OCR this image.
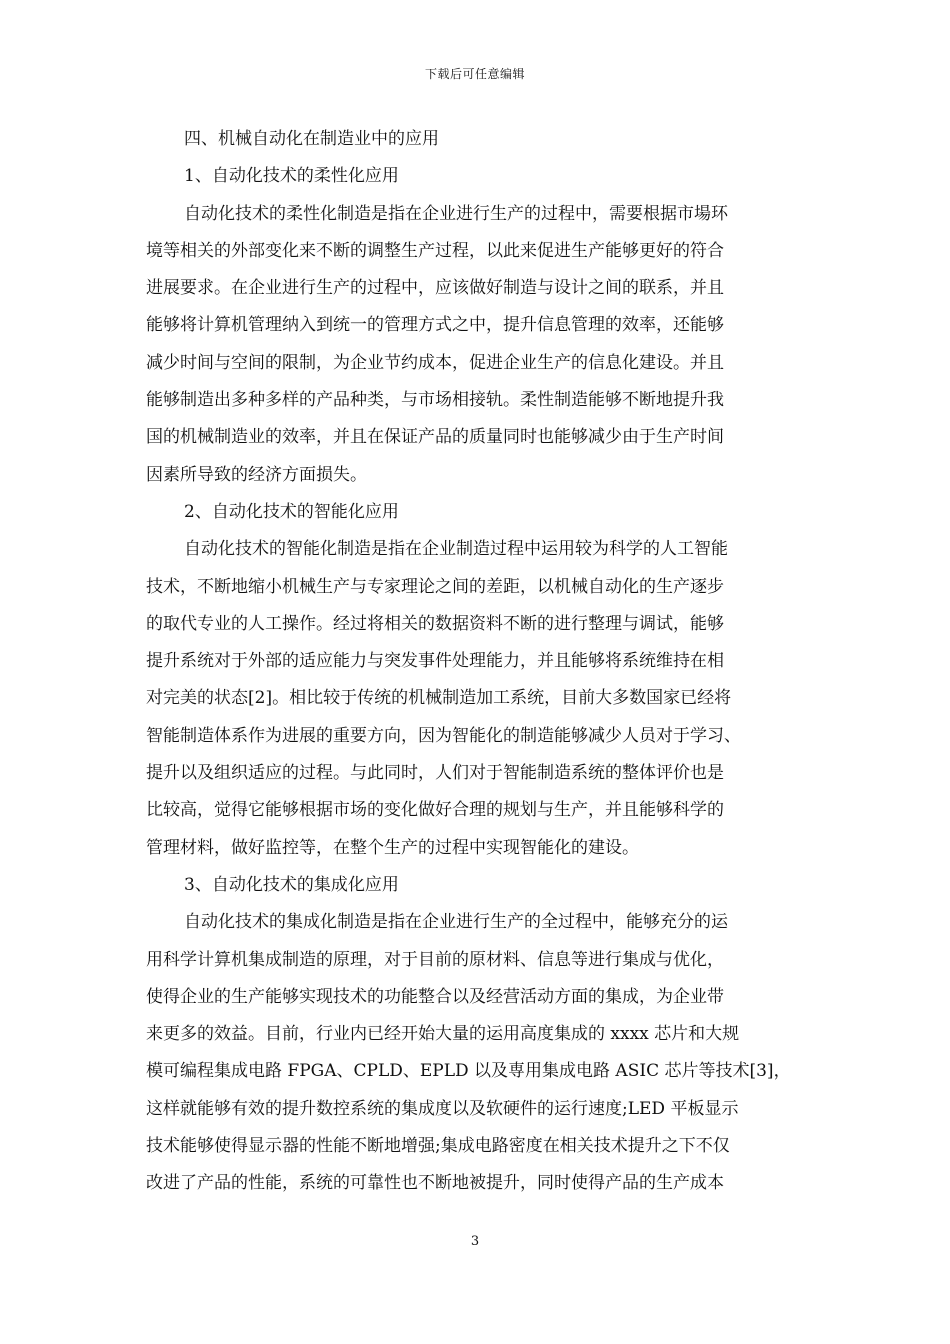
下载后可任意编辑
四、机械自动化在制造业中的应用
1、自动化技术的柔性化应用
自动化技术的柔性化制造是指在企业进行生产的过程中，需要根据市場环
境等相关的外部变化来不断的调整生产过程，以此来促进生产能够更好的符合
进展要求。在企业进行生产的过程中，应该做好制造与设计之间的联系，并且
能够将计算机管理纳入到统一的管理方式之中，提升信息管理的效率，还能够
减少时间与空间的限制，为企业节约成本，促进企业生产的信息化建设。并且
能够制造出多种多样的产品种类，与市场相接轨。柔性制造能够不断地提升我
国的机械制造业的效率，并且在保证产品的质量同时也能够减少由于生产时间
因素所导致的经济方面损失。
2、自动化技术的智能化应用
自动化技术的智能化制造是指在企业制造过程中运用较为科学的人工智能
技术，不断地缩小机械生产与专家理论之间的差距，以机械自动化的生产逐步
的取代专业的人工操作。经过将相关的数据资料不断的进行整理与调试，能够
提升系统对于外部的适应能力与突发事件处理能力，并且能够将系统维持在相
对完美的状态[2]。相比较于传统的机械制造加工系统，目前大多数国家已经将
智能制造体系作为进展的重要方向，因为智能化的制造能够减少人员对于学习、
提升以及组织适应的过程。与此同时，人们对于智能制造系统的整体评价也是
比较高，觉得它能够根据市场的变化做好合理的规划与生产，并且能够科学的
管理材料，做好监控等，在整个生产的过程中实现智能化的建设。
3、自动化技术的集成化应用
自动化技术的集成化制造是指在企业进行生产的全过程中，能够充分的运
用科学计算机集成制造的原理，对于目前的原材料、信息等进行集成与优化，
使得企业的生产能够实现技术的功能整合以及经营活动方面的集成，为企业带
来更多的效益。目前，行业内已经开始大量的运用高度集成的 xxxx 芯片和大规
模可编程集成电路 FPGA、CPLD、EPLD 以及専用集成电路 ASIC 芯片等技术[3]，
这样就能够有效的提升数控系统的集成度以及软硬件的运行速度;LED 平板显示
技术能够使得显示器的性能不断地增强;集成电路密度在相关技术提升之下不仅
改进了产品的性能，系统的可靠性也不断地被提升，同时使得产品的生产成本
3
